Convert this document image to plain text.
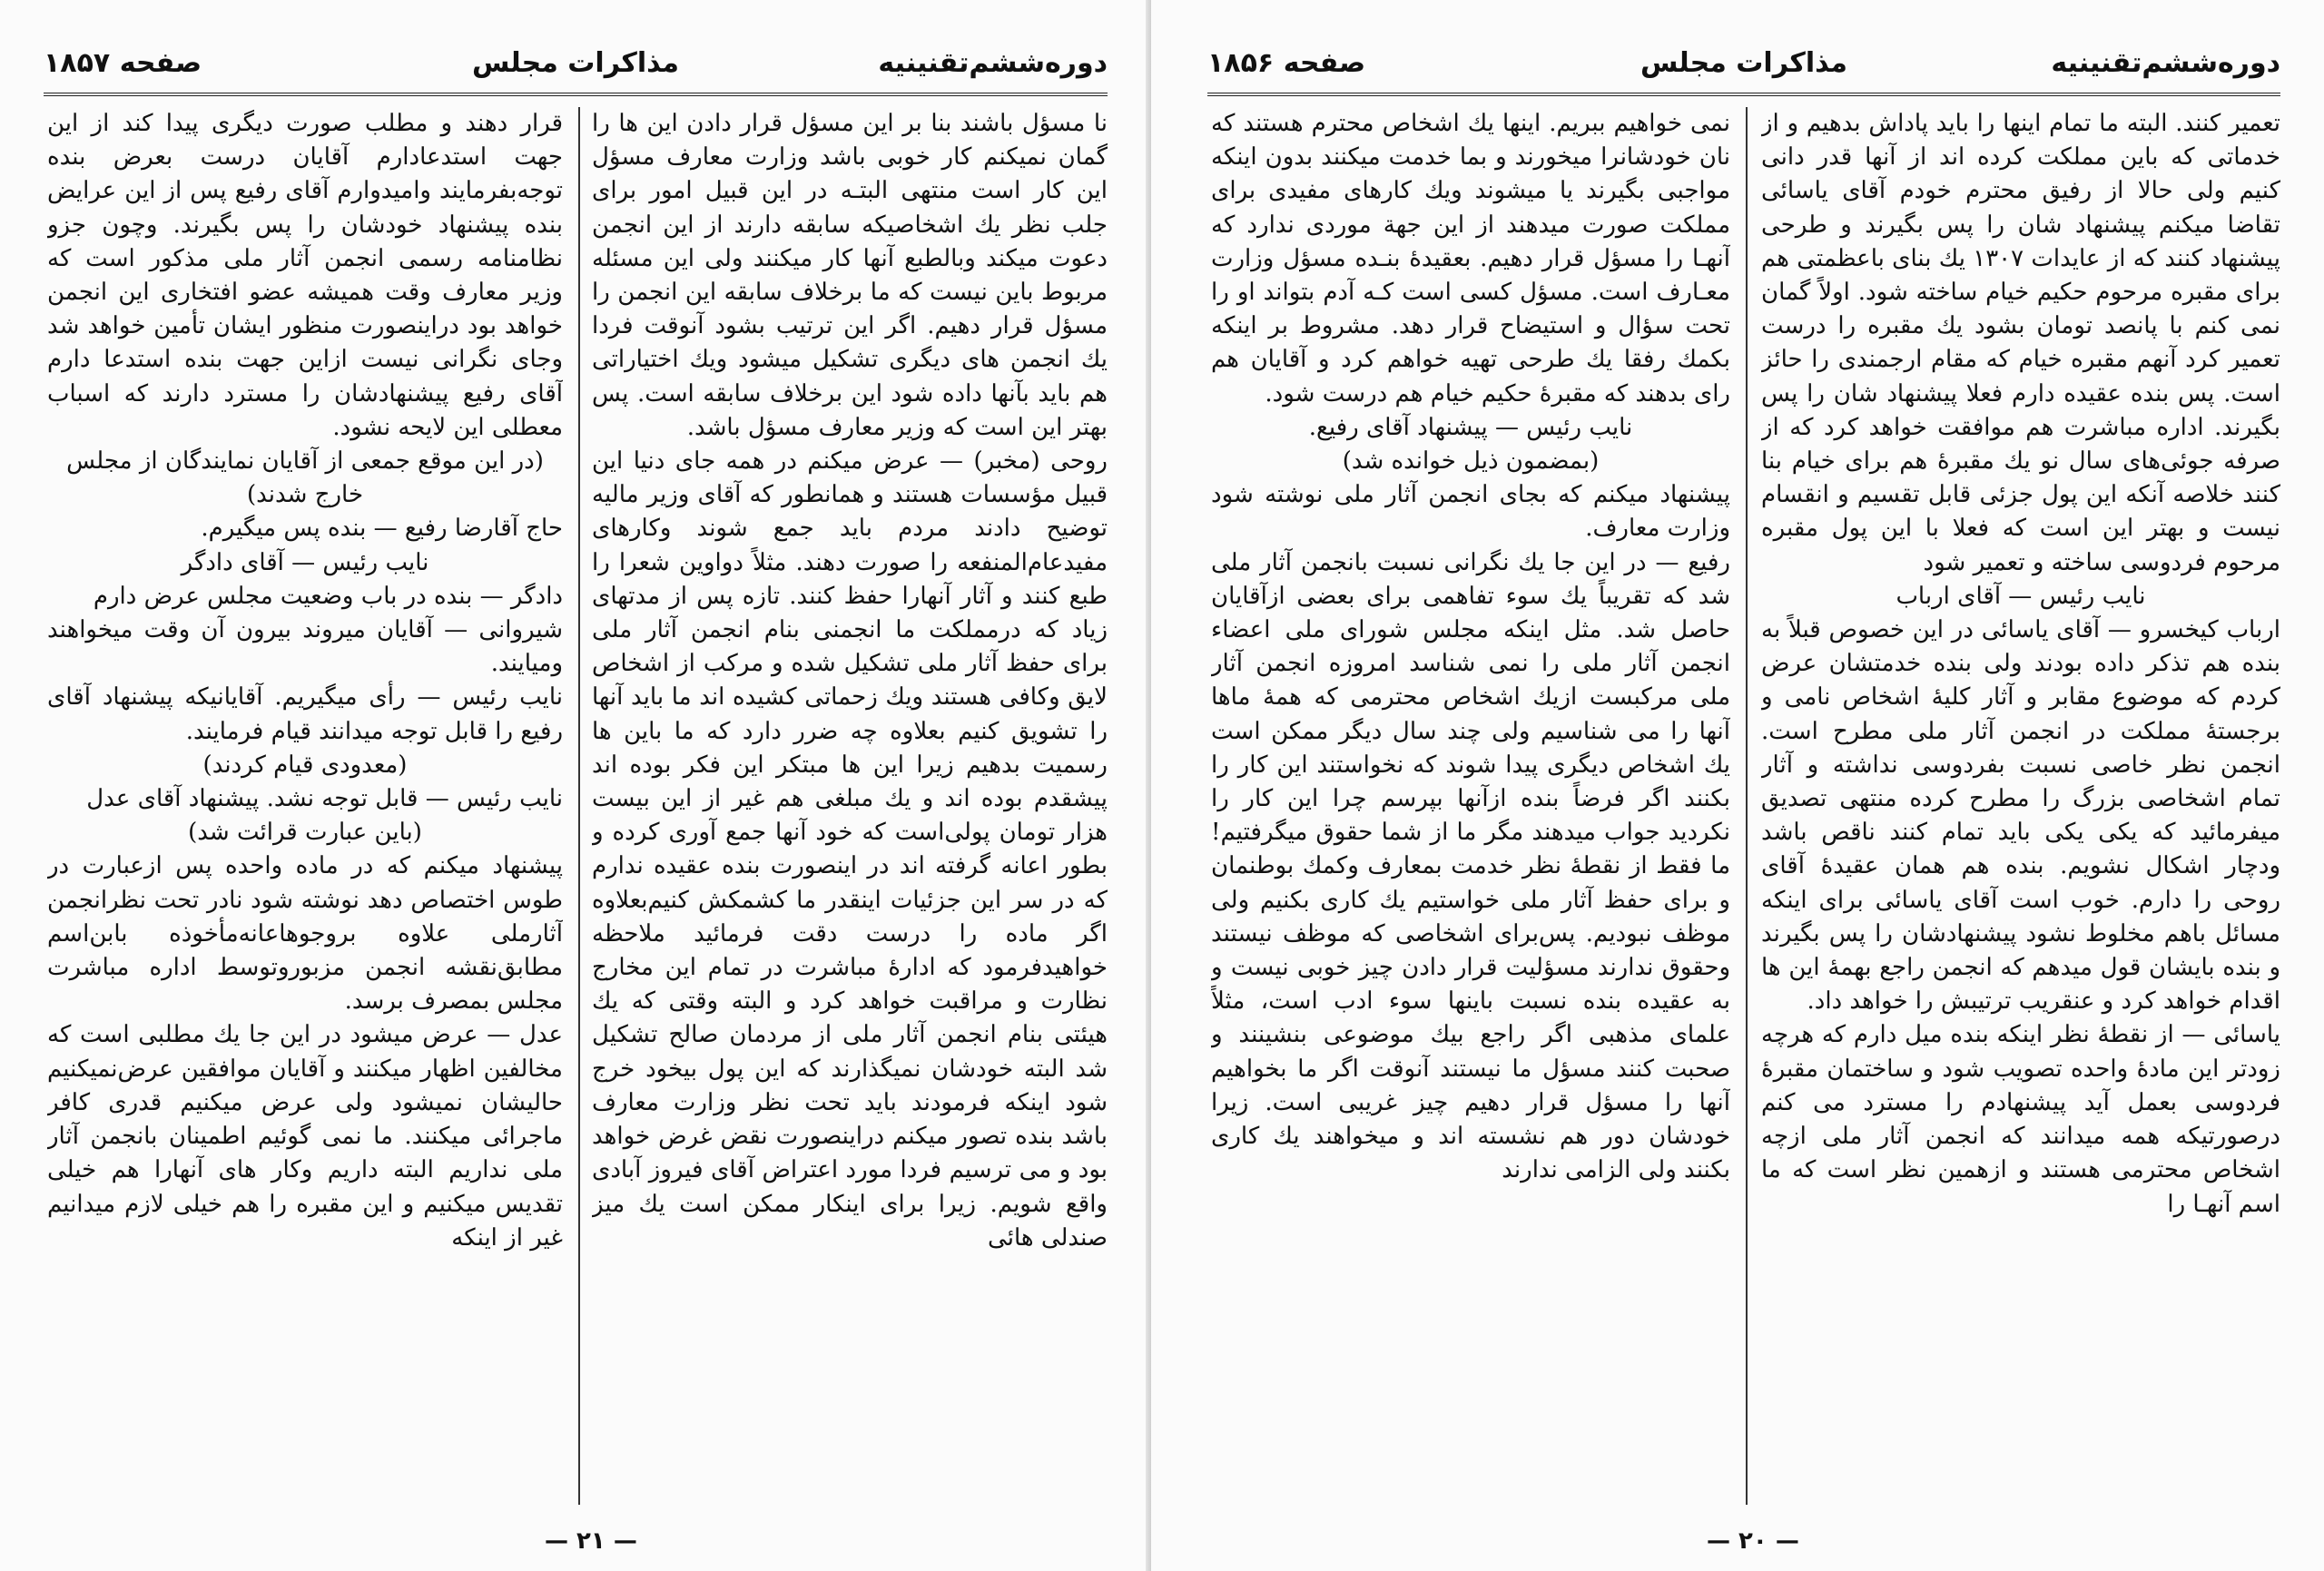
دوره‌ششم‌تقنینیه
مذاکرات مجلس
صفحه ۱۸۵۷

نا مسؤل باشند بنا بر این مسؤل قرار دادن این ها را گمان نمیکنم کار خوبی باشد وزارت معارف مسؤل این کار است منتهی البتـه در این قبیل امور برای جلب نظر یك اشخاصیکه سابقه دارند از این انجمن دعوت میکند وبالطبع آنها کار میکنند ولی این مسئله مربوط باین نیست که ما برخلاف سابقه این انجمن را مسؤل قرار دهیم. اگر این ترتیب بشود آنوقت فردا یك انجمن های دیگری تشکیل میشود ویك اختیاراتی هم باید بآنها داده شود این برخلاف سابقه است. پس بهتر این است که وزیر معارف مسؤل باشد.

روحی (مخبر) — عرض میکنم در همه جای دنیا این قبیل مؤسسات هستند و همانطور که آقای وزیر مالیه توضیح دادند مردم باید جمع شوند وکارهای مفیدعام‌المنفعه را صورت دهند. مثلاً دواوین شعرا را طبع کنند و آثار آنهارا حفظ کنند. تازه پس از مدتهای زیاد که درمملکت ما انجمنی بنام انجمن آثار ملی برای حفظ آثار ملی تشکیل شده و مرکب از اشخاص لایق وکافی هستند ویك زحماتی کشیده اند ما باید آنها را تشویق کنیم بعلاوه چه ضرر دارد که ما باین ها رسمیت بدهیم زیرا این ها مبتکر این فکر بوده اند پیشقدم بوده اند و یك مبلغی هم غیر از این بیست هزار تومان پولی‌است که خود آنها جمع آوری کرده و بطور اعانه گرفته اند در اینصورت بنده عقیده ندارم که در سر این جزئیات اینقدر ما کشمکش کنیم‌بعلاوه اگر ماده را درست دقت فرمائید ملاحظه خواهیدفرمود که ادارهٔ مباشرت در تمام این مخارج نظارت و مراقبت خواهد کرد و البته وقتی که یك هیئتی بنام انجمن آثار ملی از مردمان صالح تشکیل شد البته خودشان نمیگذارند که این پول بیخود خرج شود اینکه فرمودند باید تحت نظر وزارت معارف باشد بنده تصور میکنم دراینصورت نقض غرض خواهد بود و می ترسیم فردا مورد اعتراض آقای فیروز آبادی واقع شویم. زیرا برای اینکار ممکن است یك میز صندلی هائی

قرار دهند و مطلب صورت دیگری پیدا کند از این جهت استدعادارم آقایان درست بعرض بنده توجه‌بفرمایند وامیدوارم آقای رفیع پس از این عرایض بنده پیشنهاد خودشان را پس بگیرند. وچون جزو نظامنامه رسمی انجمن آثار ملی مذکور است که وزیر معارف وقت همیشه عضو افتخاری این انجمن خواهد بود دراینصورت منظور ایشان تأمین خواهد شد وجای نگرانی نیست ازاین جهت بنده استدعا دارم آقای رفیع پیشنهادشان را مسترد دارند که اسباب معطلی این لایحه نشود.

(در این موقع جمعی از آقایان نمایندگان از مجلس خارج شدند)

حاج آقارضا رفیع — بنده پس میگیرم.

نایب رئیس — آقای دادگر

دادگر — بنده در باب وضعیت مجلس عرض دارم

شیروانی — آقایان میروند بیرون آن وقت میخواهند ومیایند.

نایب رئیس — رأی میگیریم. آقایانیکه پیشنهاد آقای رفیع را قابل توجه میدانند قیام فرمایند.

(معدودی قیام کردند)

نایب رئیس — قابل توجه نشد. پیشنهاد آقای عدل

(باین عبارت قرائت شد)

پیشنهاد میکنم که در ماده واحده پس ازعبارت در طوس اختصاص دهد نوشته شود نادر تحت نظرانجمن آثارملی علاوه بروجوهاعانه‌مأخوذه بابن‌اسم مطابق‌نقشه انجمن مزبوروتوسط اداره مباشرت مجلس بمصرف برسد.

عدل — عرض میشود در این جا یك مطلبی است که مخالفین اظهار میکنند و آقایان موافقین عرض‌نمیکنیم حالیشان نمیشود ولی عرض میکنیم قدری کافر ماجرائی میکنند. ما نمی گوئیم اطمینان بانجمن آثار ملی نداریم البته داریم وکار های آنهارا هم خیلی تقدیس میکنیم و این مقبره را هم خیلی لازم میدانیم غیر از اینکه

— ۲۱ —
دوره‌ششم‌تقنینیه
مذاکرات مجلس
صفحه ۱۸۵۶

تعمیر کنند. البته ما تمام اینها را باید پاداش بدهیم و از خدماتی که باین مملکت کرده اند از آنها قدر دانی کنیم ولی حالا از رفیق محترم خودم آقای یاسائی تقاضا میکنم پیشنهاد شان را پس بگیرند و طرحی پیشنهاد کنند که از عایدات ۱۳۰۷ یك بنای باعظمتی هم برای مقبره مرحوم حکیم خیام ساخته شود. اولاً گمان نمی کنم با پانصد تومان بشود یك مقبره را درست تعمیر کرد آنهم مقبره خیام که مقام ارجمندی را حائز است. پس بنده عقیده دارم فعلا پیشنهاد شان را پس بگیرند. اداره مباشرت هم موافقت خواهد کرد که از صرفه جوئی‌های سال نو یك مقبرهٔ هم برای خیام بنا کنند خلاصه آنکه این پول جزئی قابل تقسیم و انقسام نیست و بهتر این است که فعلا با این پول مقبره مرحوم فردوسی ساخته و تعمیر شود

نایب رئیس — آقای ارباب

ارباب کیخسرو — آقای یاسائی در این خصوص قبلاً به بنده هم تذکر داده بودند ولی بنده خدمتشان عرض کردم که موضوع مقابر و آثار کلیهٔ اشخاص نامی و برجستهٔ مملکت در انجمن آثار ملی مطرح است. انجمن نظر خاصی نسبت بفردوسی نداشته و آثار تمام اشخاصی بزرگ را مطرح کرده منتهی تصدیق میفرمائید که یکی یکی باید تمام کنند ناقص باشد ودچار اشکال نشویم. بنده هم همان عقیدهٔ آقای روحی را دارم. خوب است آقای یاسائی برای اینکه مسائل باهم مخلوط نشود پیشنهادشان را پس بگیرند و بنده بایشان قول میدهم که انجمن راجع بهمهٔ این ها اقدام خواهد کرد و عنقریب ترتیبش را خواهد داد.

یاسائی — از نقطهٔ نظر اینکه بنده میل دارم که هرچه زودتر این مادهٔ واحده تصویب شود و ساختمان مقبرهٔ فردوسی بعمل آید پیشنهادم را مسترد می کنم درصورتیکه همه میدانند که انجمن آثار ملی ازچه اشخاص محترمی هستند و ازهمین نظر است که ما اسم آنهـا را

نمی خواهیم ببریم. اینها یك اشخاص محترم هستند که نان خودشانرا میخورند و بما خدمت میکنند بدون اینکه مواجبی بگیرند یا میشوند ویك کارهای مفیدی برای مملکت صورت میدهند از این جهة موردی ندارد که آنهـا را مسؤل قرار دهیم. بعقیدهٔ بنـده مسؤل وزارت معـارف است. مسؤل کسی است کـه آدم بتواند او را تحت سؤال و استیضاح قرار دهد. مشروط بر اینکه بکمك رفقا یك طرحی تهیه خواهم کرد و آقایان هم رای بدهند که مقبرهٔ حکیم خیام هم درست شود.

نایب رئیس — پیشنهاد آقای رفیع.

(بمضمون ذیل خوانده شد)

پیشنهاد میکنم که بجای انجمن آثار ملی نوشته شود وزارت معارف.

رفیع — در این جا یك نگرانی نسبت بانجمن آثار ملی شد که تقریباً یك سوء تفاهمی برای بعضی ازآقایان حاصل شد. مثل اینکه مجلس شورای ملی اعضاء انجمن آثار ملی را نمی شناسد امروزه انجمن آثار ملی مرکبست ازیك اشخاص محترمی که همهٔ ماها آنها را می شناسیم ولی چند سال دیگر ممکن است یك اشخاص دیگری پیدا شوند که نخواستند این کار را بکنند اگر فرضاً بنده ازآنها بپرسم چرا این کار را نکردید جواب میدهند مگر ما از شما حقوق میگرفتیم! ما فقط از نقطهٔ نظر خدمت بمعارف وکمك بوطنمان و برای حفظ آثار ملی خواستیم یك کاری بکنیم ولی موظف نبودیم. پس‌برای اشخاصی که موظف نیستند وحقوق ندارند مسؤلیت قرار دادن چیز خوبی نیست و به عقیده بنده نسبت باینها سوء ادب است، مثلاً علمای مذهبی اگر راجع بیك موضوعی بنشینند و صحبت کنند مسؤل ما نیستند آنوقت اگر ما بخواهیم آنها را مسؤل قرار دهیم چیز غریبی است. زیرا خودشان دور هم نشسته اند و میخواهند یك کاری بکنند ولی الزامی ندارند

— ۲۰ —
